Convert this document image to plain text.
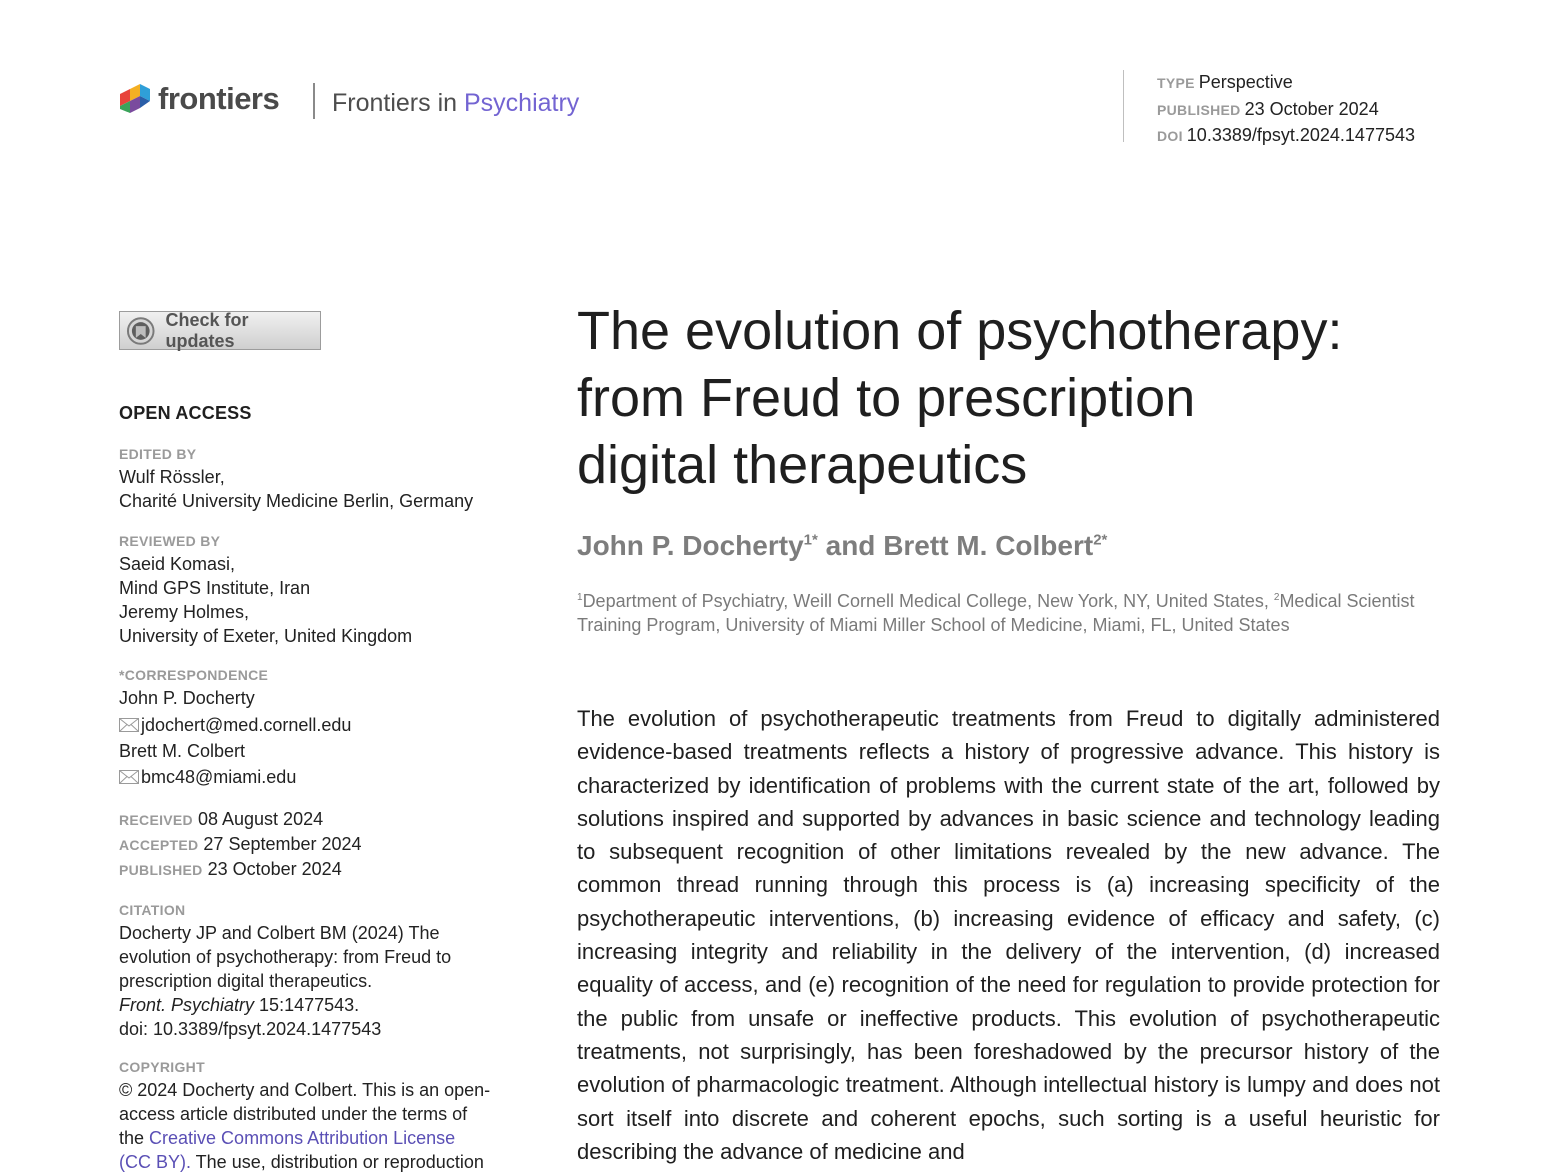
frontiers Frontiers in Psychiatry
TYPE Perspective
PUBLISHED 23 October 2024
DOI 10.3389/fpsyt.2024.1477543
Check for updates
OPEN ACCESS
EDITED BY
Wulf Rössler,
Charité University Medicine Berlin, Germany
REVIEWED BY
Saeid Komasi,
Mind GPS Institute, Iran
Jeremy Holmes,
University of Exeter, United Kingdom
*CORRESPONDENCE
John P. Docherty
jdochert@med.cornell.edu
Brett M. Colbert
bmc48@miami.edu
RECEIVED 08 August 2024
ACCEPTED 27 September 2024
PUBLISHED 23 October 2024
CITATION
Docherty JP and Colbert BM (2024) The
evolution of psychotherapy: from Freud to
prescription digital therapeutics.
Front. Psychiatry 15:1477543.
doi: 10.3389/fpsyt.2024.1477543
COPYRIGHT
© 2024 Docherty and Colbert. This is an open-
access article distributed under the terms of
the Creative Commons Attribution License
(CC BY). The use, distribution or reproduction
The evolution of psychotherapy:
from Freud to prescription
digital therapeutics
John P. Docherty$^{1*}$ and Brett M. Colbert$^{2*}$
$^1$Department of Psychiatry, Weill Cornell Medical College, New York, NY, United States, $^2$Medical Scientist Training Program, University of Miami Miller School of Medicine, Miami, FL, United States
The evolution of psychotherapeutic treatments from Freud to digitally administered evidence-based treatments reflects a history of progressive advance. This history is characterized by identification of problems with the current state of the art, followed by solutions inspired and supported by advances in basic science and technology leading to subsequent recognition of other limitations revealed by the new advance. The common thread running through this process is (a) increasing specificity of the psychotherapeutic interventions, (b) increasing evidence of efficacy and safety, (c) increasing integrity and reliability in the delivery of the intervention, (d) increased equality of access, and (e) recognition of the need for regulation to provide protection for the public from unsafe or ineffective products. This evolution of psychotherapeutic treatments, not surprisingly, has been foreshadowed by the precursor history of the evolution of pharmacologic treatment. Although intellectual history is lumpy and does not sort itself into discrete and coherent epochs, such sorting is a useful heuristic for describing the advance of medicine and
